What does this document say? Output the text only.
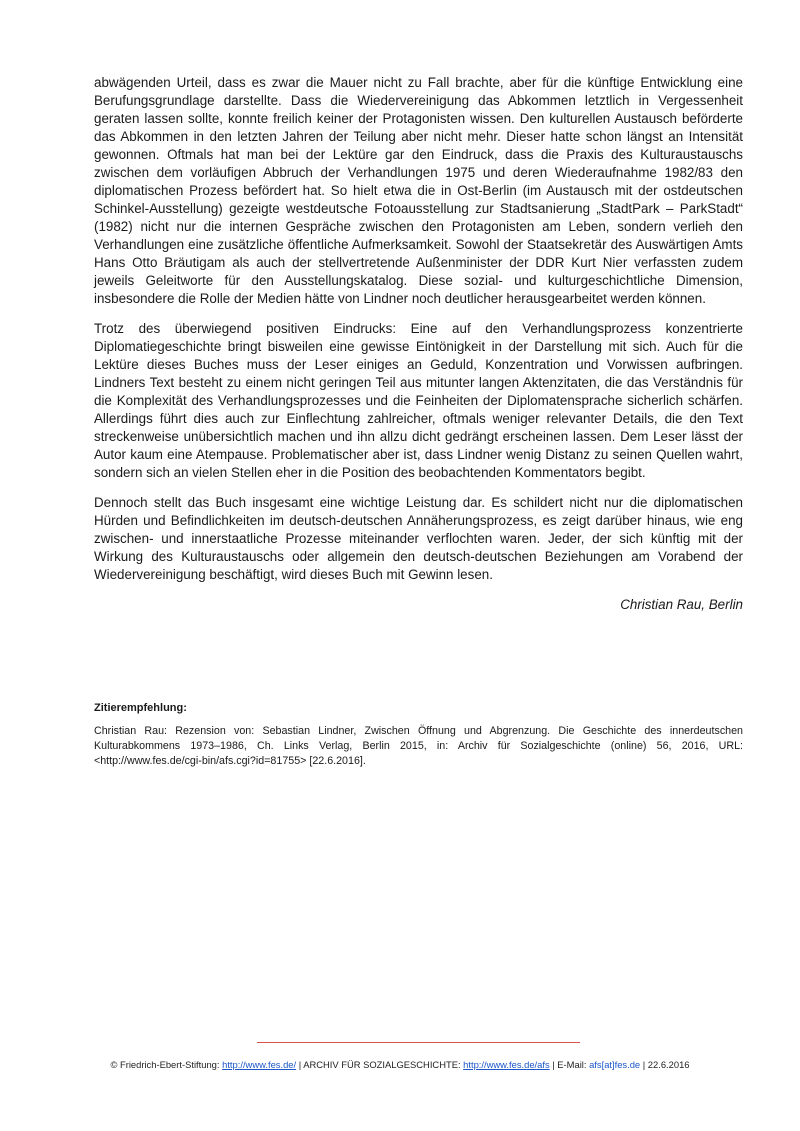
abwägenden Urteil, dass es zwar die Mauer nicht zu Fall brachte, aber für die künftige Entwicklung eine Berufungsgrundlage darstellte. Dass die Wiedervereinigung das Abkommen letztlich in Vergessenheit geraten lassen sollte, konnte freilich keiner der Protagonisten wissen. Den kulturellen Austausch beförderte das Abkommen in den letzten Jahren der Teilung aber nicht mehr. Dieser hatte schon längst an Intensität gewonnen. Oftmals hat man bei der Lektüre gar den Eindruck, dass die Praxis des Kulturaustauschs zwischen dem vorläufigen Abbruch der Verhandlungen 1975 und deren Wiederaufnahme 1982/83 den diplomatischen Prozess befördert hat. So hielt etwa die in Ost-Berlin (im Austausch mit der ostdeutschen Schinkel-Ausstellung) gezeigte westdeutsche Fotoausstellung zur Stadtsanierung „StadtPark – ParkStadt“ (1982) nicht nur die internen Gespräche zwischen den Protagonisten am Leben, sondern verlieh den Verhandlungen eine zusätzliche öffentliche Aufmerksamkeit. Sowohl der Staatsekretär des Auswärtigen Amts Hans Otto Bräutigam als auch der stellvertretende Außenminister der DDR Kurt Nier verfassten zudem jeweils Geleitworte für den Ausstellungskatalog. Diese sozial- und kulturgeschichtliche Dimension, insbesondere die Rolle der Medien hätte von Lindner noch deutlicher herausgearbeitet werden können.

Trotz des überwiegend positiven Eindrucks: Eine auf den Verhandlungsprozess konzentrierte Diplomatiegeschichte bringt bisweilen eine gewisse Eintönigkeit in der Darstellung mit sich. Auch für die Lektüre dieses Buches muss der Leser einiges an Geduld, Konzentration und Vorwissen aufbringen. Lindners Text besteht zu einem nicht geringen Teil aus mitunter langen Aktenzitaten, die das Verständnis für die Komplexität des Verhandlungsprozesses und die Feinheiten der Diplomatensprache sicherlich schärfen. Allerdings führt dies auch zur Einflechtung zahlreicher, oftmals weniger relevanter Details, die den Text streckenweise unübersichtlich machen und ihn allzu dicht gedrängt erscheinen lassen. Dem Leser lässt der Autor kaum eine Atempause. Problematischer aber ist, dass Lindner wenig Distanz zu seinen Quellen wahrt, sondern sich an vielen Stellen eher in die Position des beobachtenden Kommentators begibt.

Dennoch stellt das Buch insgesamt eine wichtige Leistung dar. Es schildert nicht nur die diplomatischen Hürden und Befindlichkeiten im deutsch-deutschen Annäherungsprozess, es zeigt darüber hinaus, wie eng zwischen- und innerstaatliche Prozesse miteinander verflochten waren. Jeder, der sich künftig mit der Wirkung des Kulturaustauschs oder allgemein den deutsch-deutschen Beziehungen am Vorabend der Wiedervereinigung beschäftigt, wird dieses Buch mit Gewinn lesen.

Christian Rau, Berlin

Zitierempfehlung:

Christian Rau: Rezension von: Sebastian Lindner, Zwischen Öffnung und Abgrenzung. Die Geschichte des innerdeutschen Kulturabkommens 1973–1986, Ch. Links Verlag, Berlin 2015, in: Archiv für Sozialgeschichte (online) 56, 2016, URL: <http://www.fes.de/cgi-bin/afs.cgi?id=81755> [22.6.2016].

© Friedrich-Ebert-Stiftung: http://www.fes.de/ | ARCHIV FÜR SOZIALGESCHICHTE: http://www.fes.de/afs | E-Mail: afs[at]fes.de | 22.6.2016
